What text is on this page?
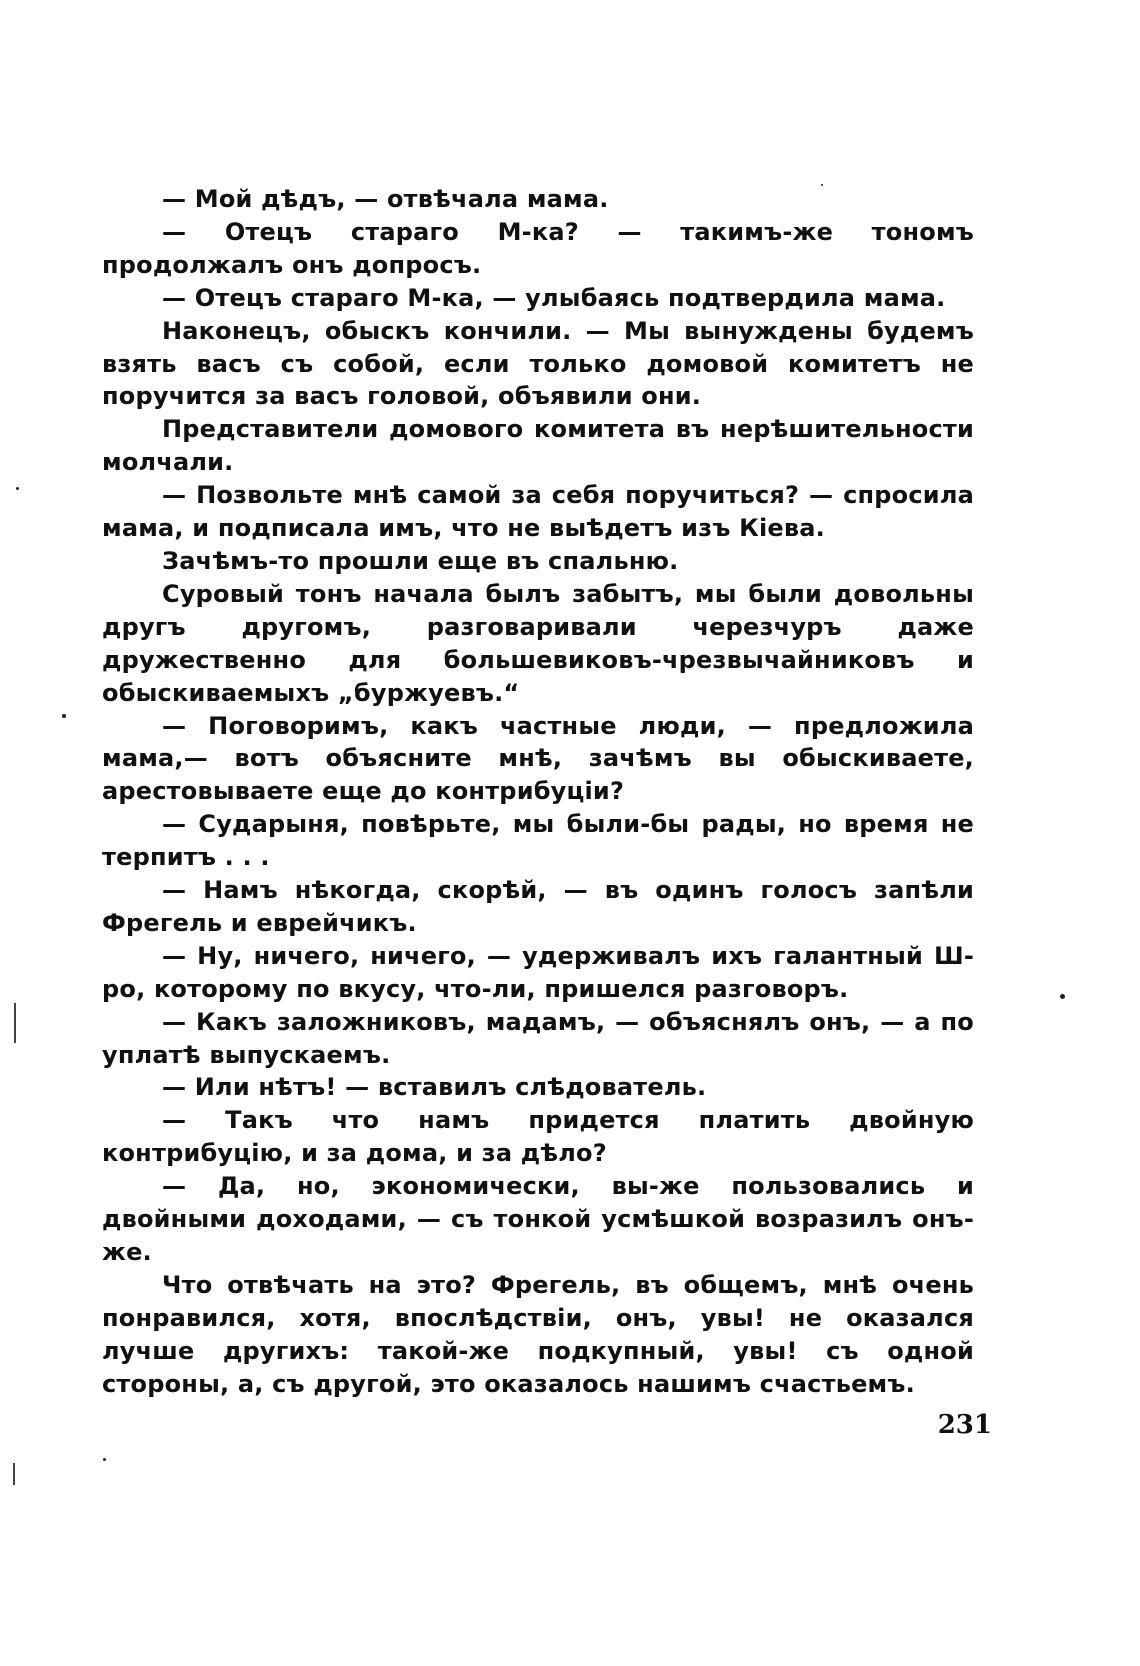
— Мой дѣдъ, — отвѣчала мама.

— Отецъ стараго М-ка? — такимъ-же тономъ продолжалъ онъ допросъ.

— Отецъ стараго М-ка, — улыбаясь подтвердила мама.

Наконецъ, обыскъ кончили. — Мы вынуждены будемъ взять васъ съ собой, если только домовой комитетъ не поручится за васъ головой, объявили они.

Представители домового комитета въ нерѣшительности молчали.

— Позвольте мнѣ самой за себя поручиться? — спросила мама, и подписала имъ, что не выѣдетъ изъ Кіева.

Зачѣмъ-то прошли еще въ спальню.

Суровый тонъ начала былъ забытъ, мы были довольны другъ другомъ, разговаривали черезчуръ даже дружественно для большевиковъ-чрезвычайниковъ и обыскиваемыхъ „буржуевъ.“

— Поговоримъ, какъ частные люди, — предложила мама,— вотъ объясните мнѣ, зачѣмъ вы обыскиваете, арестовываете еще до контрибуціи?

— Сударыня, повѣрьте, мы были-бы рады, но время не терпитъ . . .

— Намъ нѣкогда, скорѣй, — въ одинъ голосъ запѣли Фрегель и еврейчикъ.

— Ну, ничего, ничего, — удерживалъ ихъ галантный Ш-ро, которому по вкусу, что-ли, пришелся разговоръ.

— Какъ заложниковъ, мадамъ, — объяснялъ онъ, — а по уплатѣ выпускаемъ.

— Или нѣтъ! — вставилъ слѣдователь.

— Такъ что намъ придется платить двойную контрибуцію, и за дома, и за дѣло?

— Да, но, экономически, вы-же пользовались и двойными доходами, — съ тонкой усмѣшкой возразилъ онъ-же.

Что отвѣчать на это? Фрегель, въ общемъ, мнѣ очень понравился, хотя, впослѣдствіи, онъ, увы! не оказался лучше другихъ: такой-же подкупный, увы! съ одной стороны, а, съ другой, это оказалось нашимъ счастьемъ.

231
